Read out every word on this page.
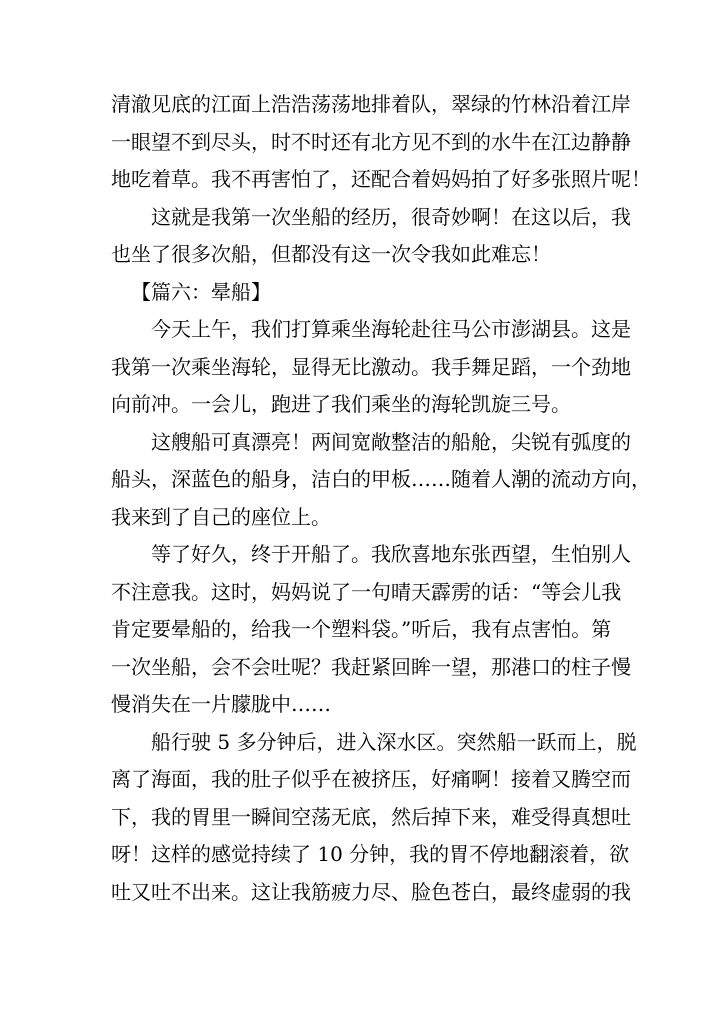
清澈见底的江面上浩浩荡荡地排着队，翠绿的竹林沿着江岸
一眼望不到尽头，时不时还有北方见不到的水牛在江边静静
地吃着草。我不再害怕了，还配合着妈妈拍了好多张照片呢！
这就是我第一次坐船的经历，很奇妙啊！在这以后，我
也坐了很多次船，但都没有这一次令我如此难忘！
【篇六：晕船】
今天上午，我们打算乘坐海轮赴往马公市澎湖县。这是
我第一次乘坐海轮，显得无比激动。我手舞足蹈，一个劲地
向前冲。一会儿，跑进了我们乘坐的海轮凯旋三号。
这艘船可真漂亮！两间宽敞整洁的船舱，尖锐有弧度的
船头，深蓝色的船身，洁白的甲板……随着人潮的流动方向，
我来到了自己的座位上。
等了好久，终于开船了。我欣喜地东张西望，生怕别人
不注意我。这时，妈妈说了一句晴天霹雳的话：“等会儿我
肯定要晕船的，给我一个塑料袋。”听后，我有点害怕。第
一次坐船，会不会吐呢？我赶紧回眸一望，那港口的柱子慢
慢消失在一片朦胧中……
船行驶 5 多分钟后，进入深水区。突然船一跃而上，脱
离了海面，我的肚子似乎在被挤压，好痛啊！接着又腾空而
下，我的胃里一瞬间空荡无底，然后掉下来，难受得真想吐
呀！这样的感觉持续了 10 分钟，我的胃不停地翻滚着，欲
吐又吐不出来。这让我筋疲力尽、脸色苍白，最终虚弱的我
